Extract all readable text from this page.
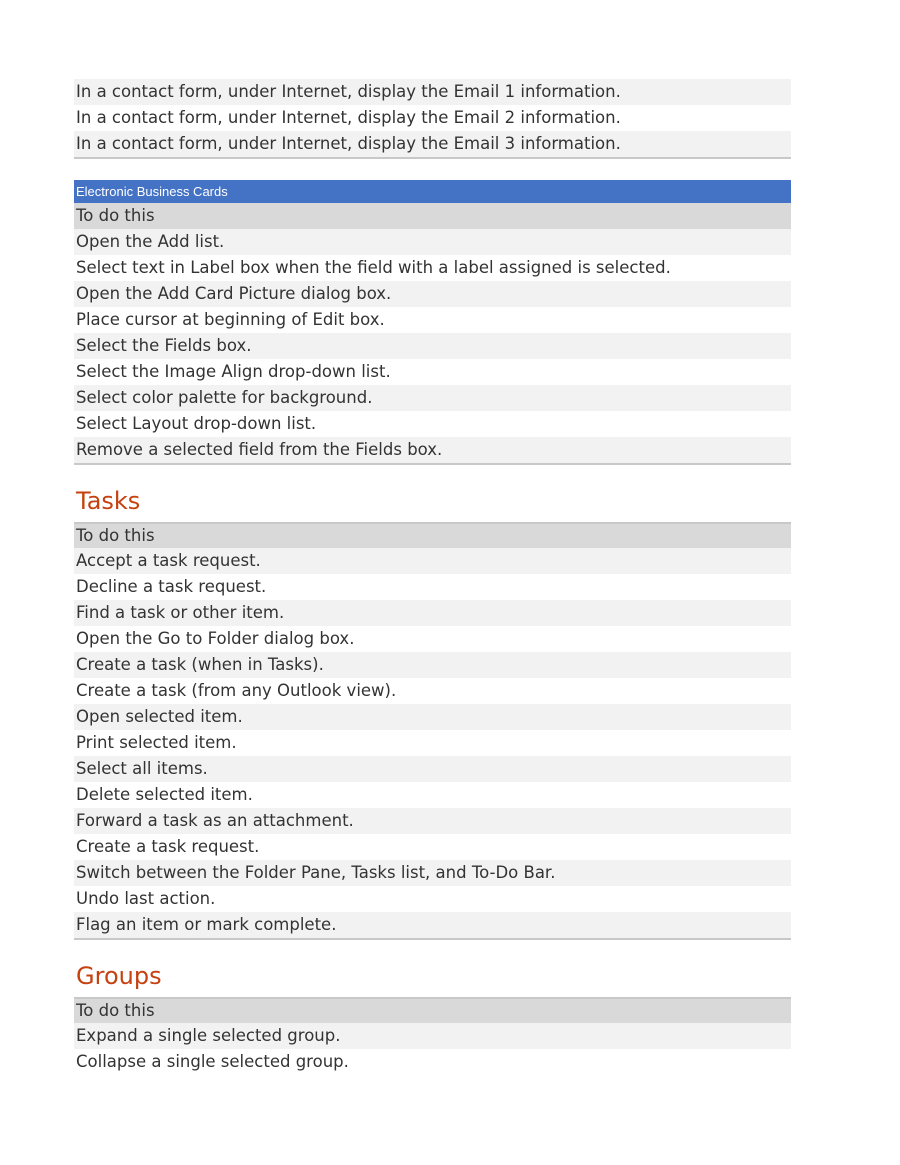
In a contact form, under Internet, display the Email 1 information.
In a contact form, under Internet, display the Email 2 information.
In a contact form, under Internet, display the Email 3 information.
Electronic Business Cards
To do this
Open the Add list.
Select text in Label box when the field with a label assigned is selected.
Open the Add Card Picture dialog box.
Place cursor at beginning of Edit box.
Select the Fields box.
Select the Image Align drop-down list.
Select color palette for background.
Select Layout drop-down list.
Remove a selected field from the Fields box.
Tasks
To do this
Accept a task request.
Decline a task request.
Find a task or other item.
Open the Go to Folder dialog box.
Create a task (when in Tasks).
Create a task (from any Outlook view).
Open selected item.
Print selected item.
Select all items.
Delete selected item.
Forward a task as an attachment.
Create a task request.
Switch between the Folder Pane, Tasks list, and To-Do Bar.
Undo last action.
Flag an item or mark complete.
Groups
To do this
Expand a single selected group.
Collapse a single selected group.
